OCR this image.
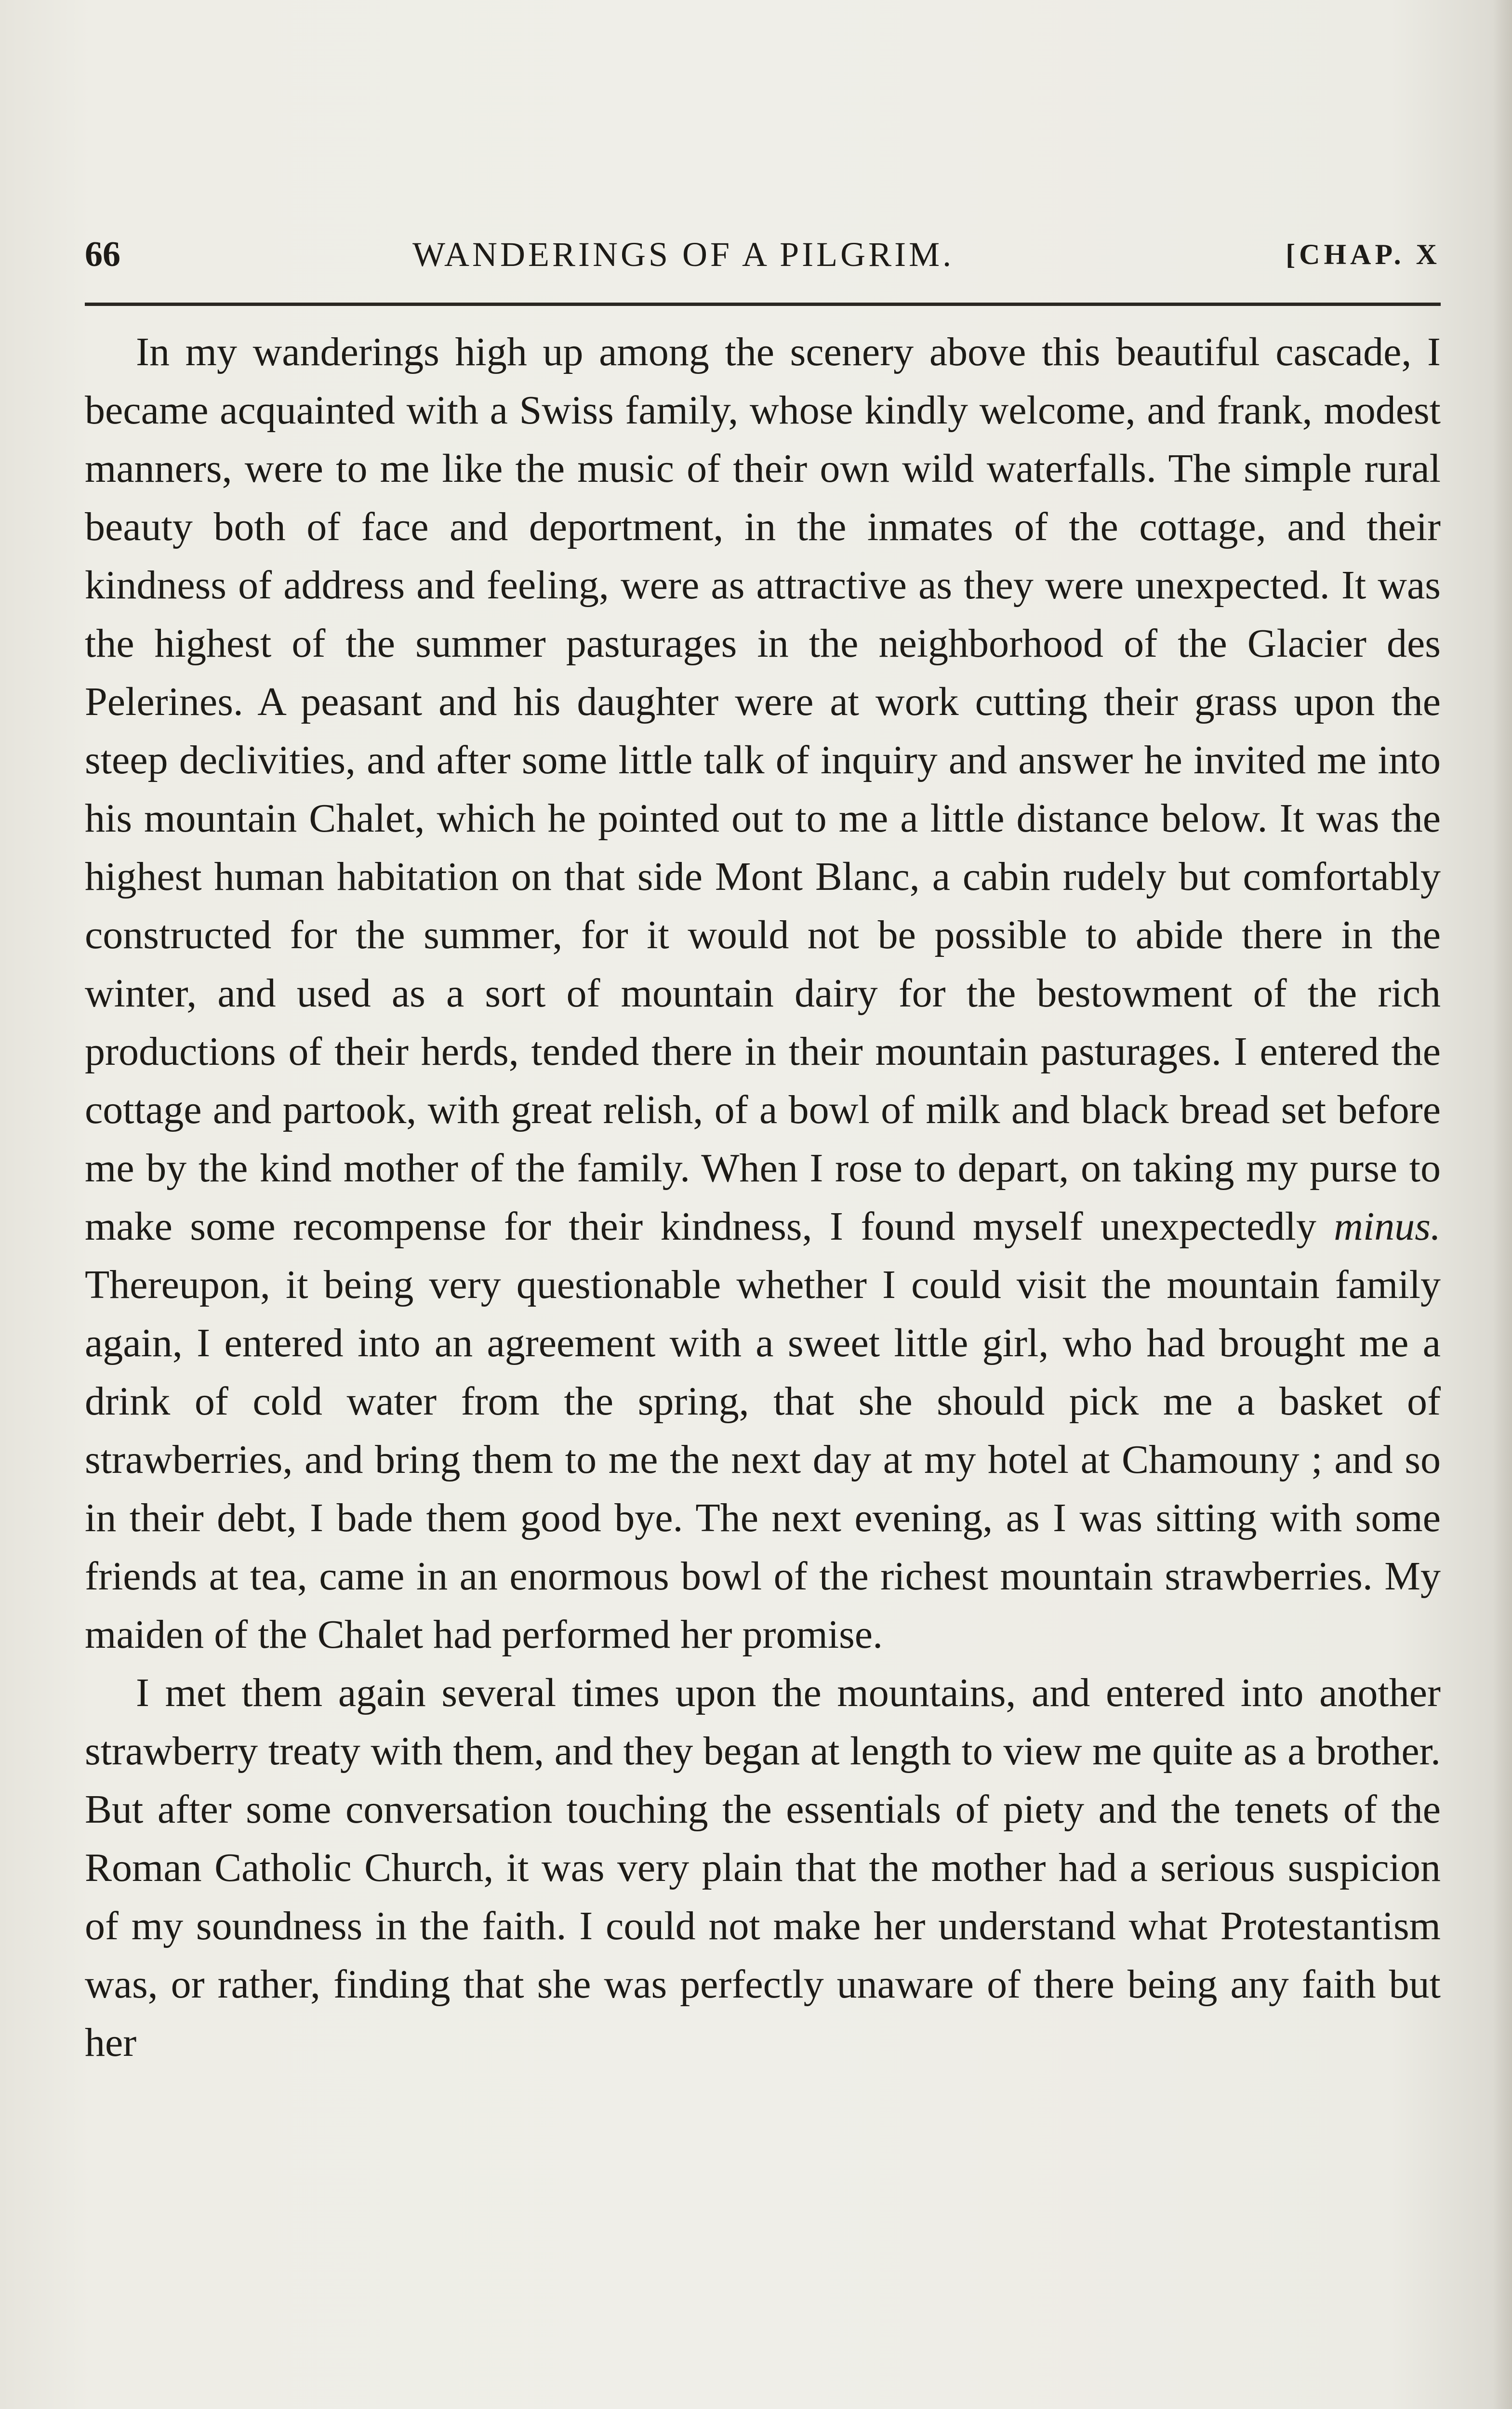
66	WANDERINGS OF A PILGRIM.	[CHAP. X

In my wanderings high up among the scenery above this beautiful cascade, I became acquainted with a Swiss family, whose kindly welcome, and frank, modest manners, were to me like the music of their own wild waterfalls. The simple rural beauty both of face and deportment, in the inmates of the cottage, and their kindness of address and feeling, were as attractive as they were unexpected. It was the highest of the summer pasturages in the neighborhood of the Glacier des Pelerines. A peasant and his daughter were at work cutting their grass upon the steep declivities, and after some little talk of inquiry and answer he invited me into his mountain Chalet, which he pointed out to me a little distance below. It was the highest human habitation on that side Mont Blanc, a cabin rudely but comfortably constructed for the summer, for it would not be possible to abide there in the winter, and used as a sort of mountain dairy for the bestowment of the rich productions of their herds, tended there in their mountain pasturages. I entered the cottage and partook, with great relish, of a bowl of milk and black bread set before me by the kind mother of the family. When I rose to depart, on taking my purse to make some recompense for their kindness, I found myself unexpectedly minus. Thereupon, it being very questionable whether I could visit the mountain family again, I entered into an agreement with a sweet little girl, who had brought me a drink of cold water from the spring, that she should pick me a basket of strawberries, and bring them to me the next day at my hotel at Chamouny ; and so in their debt, I bade them good bye. The next evening, as I was sitting with some friends at tea, came in an enormous bowl of the richest mountain strawberries. My maiden of the Chalet had performed her promise.

I met them again several times upon the mountains, and entered into another strawberry treaty with them, and they began at length to view me quite as a brother. But after some conversation touching the essentials of piety and the tenets of the Roman Catholic Church, it was very plain that the mother had a serious suspicion of my soundness in the faith. I could not make her understand what Protestantism was, or rather, finding that she was perfectly unaware of there being any faith but her
